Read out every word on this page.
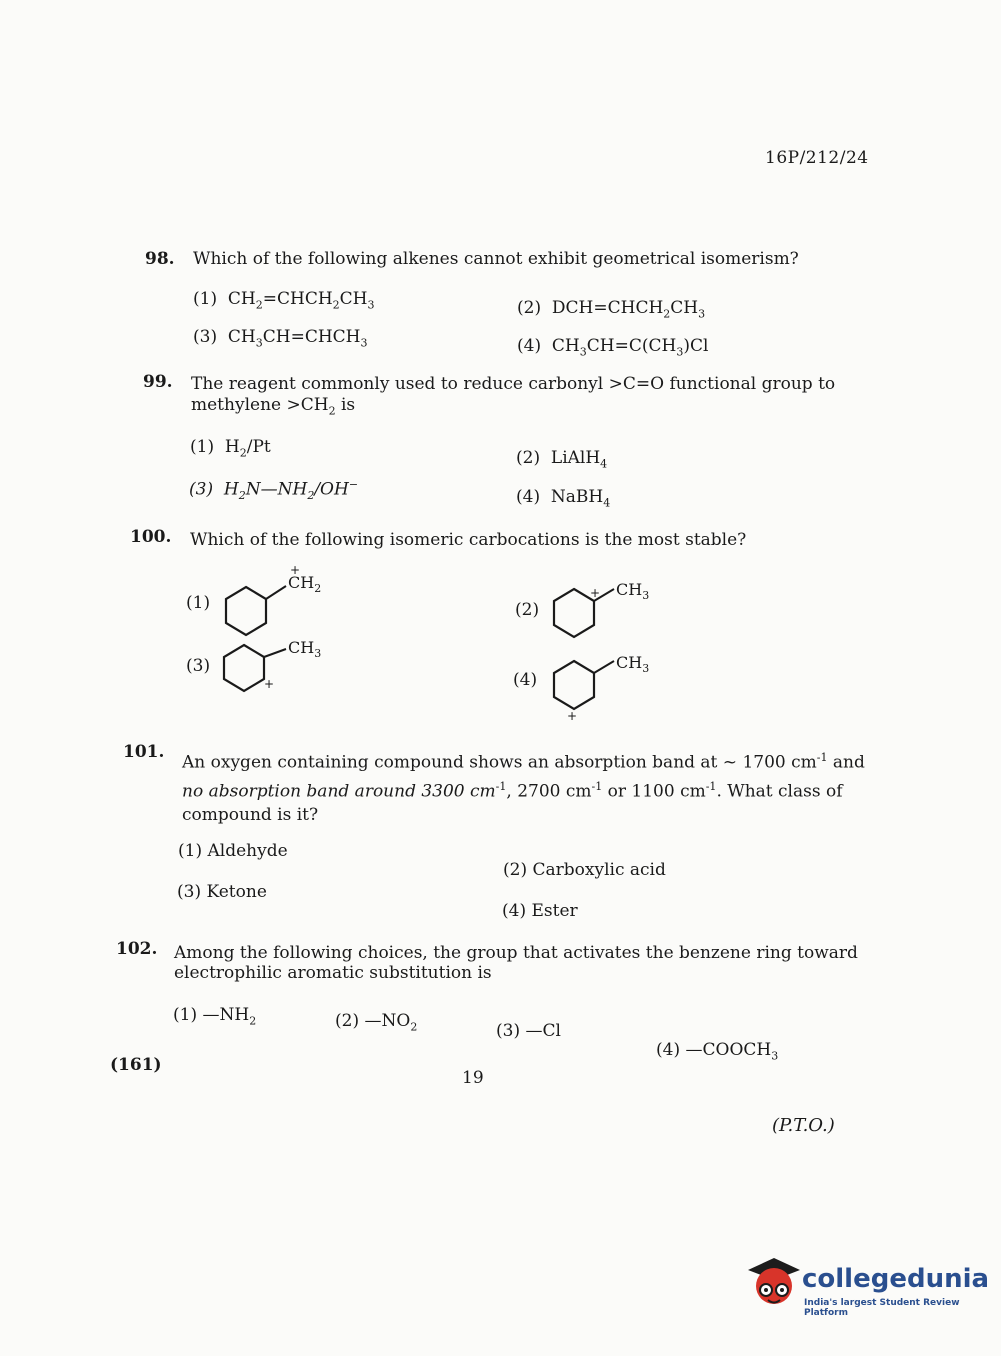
16P/212/24
98. Which of the following alkenes cannot exhibit geometrical isomerism?
(1) $CH_2=CHCH_2CH_3$	(2) $DCH=CHCH_2CH_3$
(3) $CH_3CH=CHCH_3$	(4) $CH_3CH=C(CH_3)Cl$
99. The reagent commonly used to reduce carbonyl >C=O functional group to
methylene $>CH_2$ is
(1) $H_2/Pt$
(2) LiAlH$_4$
(3) $H_2N—NH_2/OH^-$
(4) NaBH$_4$
100. Which of the following isomeric carbocations is the most stable?
(1)
$CH_2$
+
(2)
$CH_3$
+
(3)
$CH_3$
+	(4)
$CH_3$
+
101.
An oxygen containing compound shows an absorption band at ~ 1700 $cm^{-1}$ and
no absorption band around 3300 $cm^{-1}$, 2700 $cm^{-1}$ or 1100 $cm^{-1}$. What class of
compound is it?
(1) Aldehyde
(2) Carboxylic acid
(3) Ketone
(4) Ester
102. Among the following choices, the group that activates the benzene ring toward
electrophilic aromatic substitution is
(1) $—NH_2$	(2) $—NO_2$	(3) —Cl
(4) $—COOCH_3$
(161)
19
(P.T.O.)
collegedunia
India's largest Student Review Platform
